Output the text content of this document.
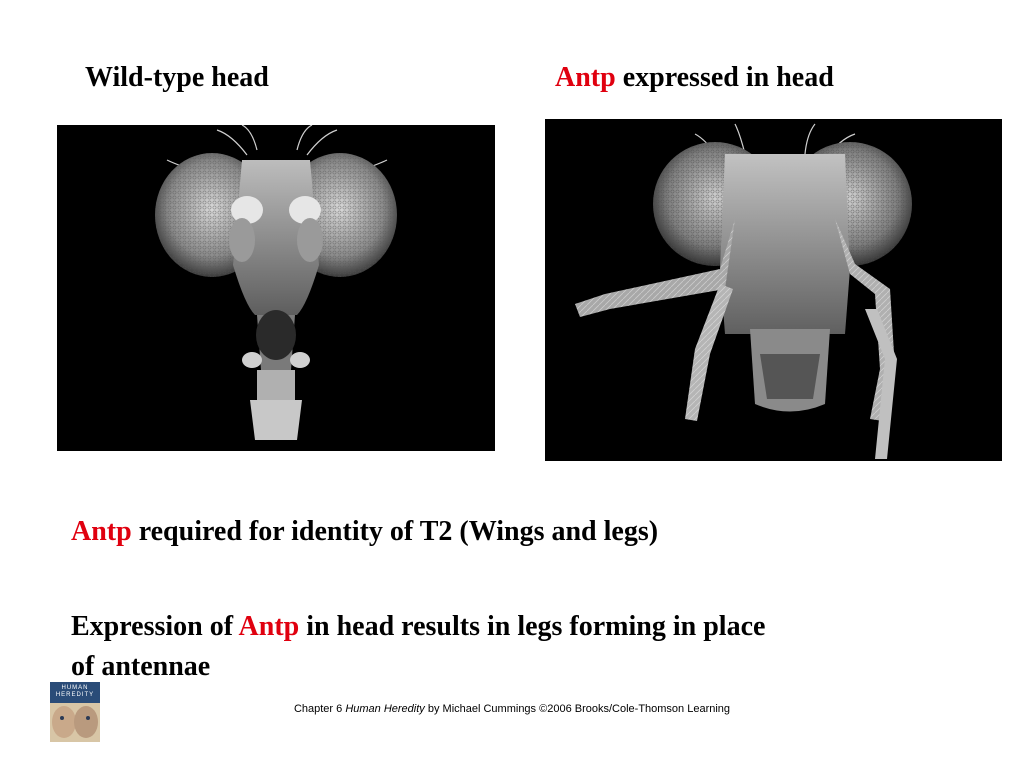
Wild-type head	Antp expressed in head
Antp required for identity of T2 (Wings and legs)
Expression of Antp in head results in legs forming in place
of antennae
HUMAN HEREDITY
Chapter 6 Human Heredity by Michael Cummings ©2006 Brooks/Cole-Thomson Learning
